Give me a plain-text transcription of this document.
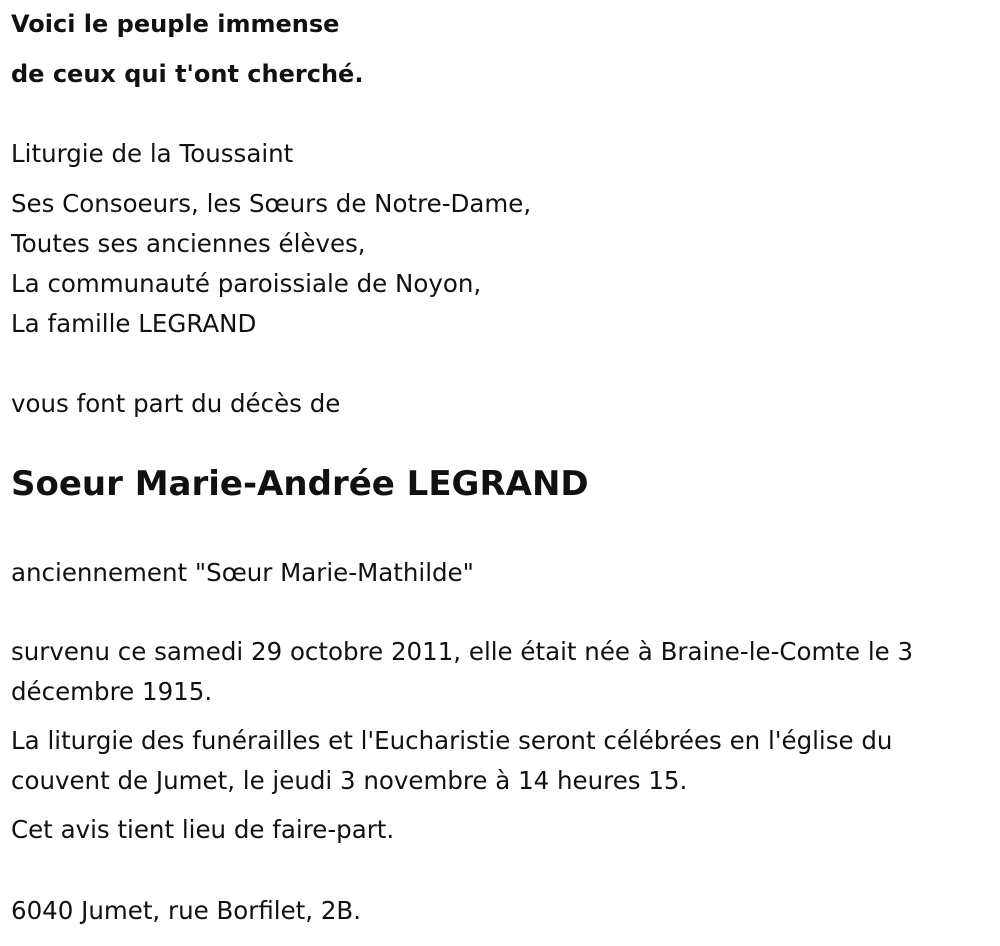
Voici le peuple immense

de ceux qui t'ont cherché.

Liturgie de la Toussaint

Ses Consoeurs, les Sœurs de Notre-Dame,

Toutes ses anciennes élèves,

La communauté paroissiale de Noyon,

La famille LEGRAND

vous font part du décès de

Soeur Marie-Andrée LEGRAND

anciennement "Sœur Marie-Mathilde"

survenu ce samedi 29 octobre 2011, elle était née à Braine-le-Comte le 3

décembre 1915.

La liturgie des funérailles et l'Eucharistie seront célébrées en l'église du

couvent de Jumet, le jeudi 3 novembre à 14 heures 15.

Cet avis tient lieu de faire-part.

6040 Jumet, rue Borfilet, 2B.
